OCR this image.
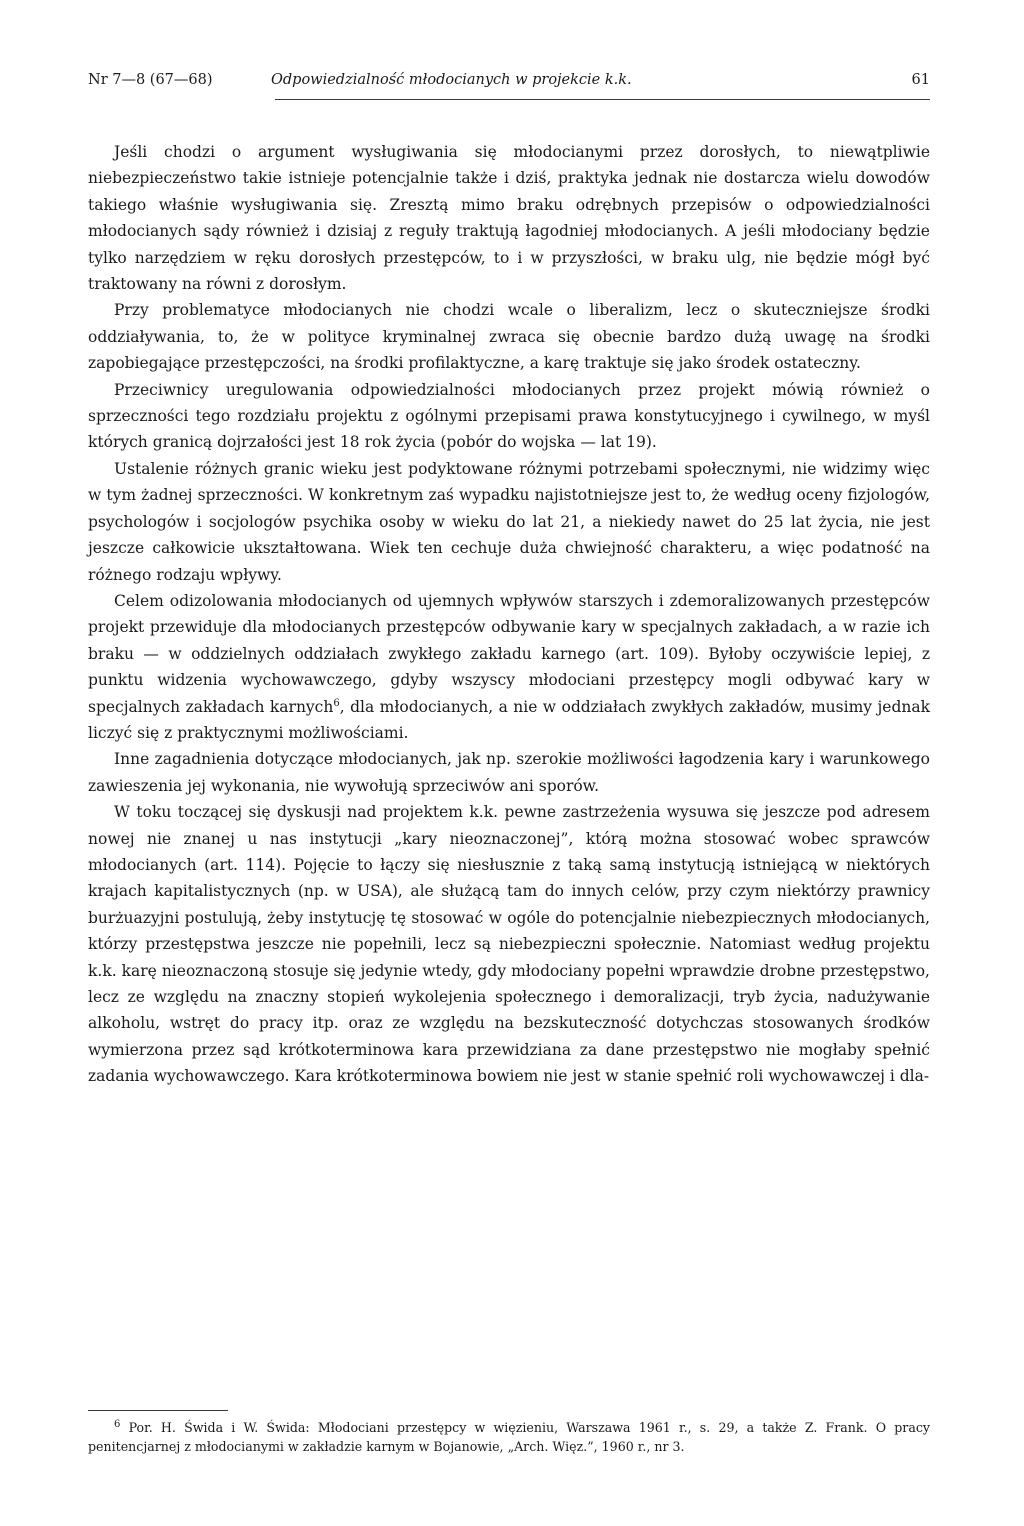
Nr 7—8 (67—68)	Odpowiedzialność młodocianych w projekcie k.k.	61

Jeśli chodzi o argument wysługiwania się młodocianymi przez dorosłych, to niewątpliwie niebezpieczeństwo takie istnieje potencjalnie także i dziś, praktyka jednak nie dostarcza wielu dowodów takiego właśnie wysługiwania się. Zresztą mimo braku odrębnych przepisów o odpowiedzialności młodocianych sądy również i dzisiaj z reguły traktują łagodniej młodocianych. A jeśli młodociany będzie tylko narzędziem w ręku dorosłych przestępców, to i w przyszłości, w braku ulg, nie będzie mógł być traktowany na równi z dorosłym.

Przy problematyce młodocianych nie chodzi wcale o liberalizm, lecz o skuteczniejsze środki oddziaływania, to, że w polityce kryminalnej zwraca się obecnie bardzo dużą uwagę na środki zapobiegające przestępczości, na środki profilaktyczne, a karę traktuje się jako środek ostateczny.

Przeciwnicy uregulowania odpowiedzialności młodocianych przez projekt mówią również o sprzeczności tego rozdziału projektu z ogólnymi przepisami prawa konstytucyjnego i cywilnego, w myśl których granicą dojrzałości jest 18 rok życia (pobór do wojska — lat 19).

Ustalenie różnych granic wieku jest podyktowane różnymi potrzebami społecznymi, nie widzimy więc w tym żadnej sprzeczności. W konkretnym zaś wypadku najistotniejsze jest to, że według oceny fizjologów, psychologów i socjologów psychika osoby w wieku do lat 21, a niekiedy nawet do 25 lat życia, nie jest jeszcze całkowicie ukształtowana. Wiek ten cechuje duża chwiejność charakteru, a więc podatność na różnego rodzaju wpływy.

Celem odizolowania młodocianych od ujemnych wpływów starszych i zdemoralizowanych przestępców projekt przewiduje dla młodocianych przestępców odbywanie kary w specjalnych zakładach, a w razie ich braku — w oddzielnych oddziałach zwykłego zakładu karnego (art. 109). Byłoby oczywiście lepiej, z punktu widzenia wychowawczego, gdyby wszyscy młodociani przestępcy mogli odbywać kary w specjalnych zakładach karnych$^6$, dla młodocianych, a nie w oddziałach zwykłych zakładów, musimy jednak liczyć się z praktycznymi możliwościami.

Inne zagadnienia dotyczące młodocianych, jak np. szerokie możliwości łagodzenia kary i warunkowego zawieszenia jej wykonania, nie wywołują sprzeciwów ani sporów.

W toku toczącej się dyskusji nad projektem k.k. pewne zastrzeżenia wysuwa się jeszcze pod adresem nowej nie znanej u nas instytucji „kary nieoznaczonej”, którą można stosować wobec sprawców młodocianych (art. 114). Pojęcie to łączy się niesłusznie z taką samą instytucją istniejącą w niektórych krajach kapitalistycznych (np. w USA), ale służącą tam do innych celów, przy czym niektórzy prawnicy burżuazyjni postulują, żeby instytucję tę stosować w ogóle do potencjalnie niebezpiecznych młodocianych, którzy przestępstwa jeszcze nie popełnili, lecz są niebezpieczni społecznie. Natomiast według projektu k.k. karę nieoznaczoną stosuje się jedynie wtedy, gdy młodociany popełni wprawdzie drobne przestępstwo, lecz ze względu na znaczny stopień wykolejenia społecznego i demoralizacji, tryb życia, nadużywanie alkoholu, wstręt do pracy itp. oraz ze względu na bezskuteczność dotychczas stosowanych środków wymierzona przez sąd krótkoterminowa kara przewidziana za dane przestępstwo nie mogłaby spełnić zadania wychowawczego. Kara krótkoterminowa bowiem nie jest w stanie spełnić roli wychowawczej i dla-

$^6$ Por. H. Świda i W. Świda: Młodociani przestępcy w więzieniu, Warszawa 1961 r., s. 29, a także Z. Frank. O pracy penitencjarnej z młodocianymi w zakładzie karnym w Bojanowie, „Arch. Więz.”, 1960 r., nr 3.
